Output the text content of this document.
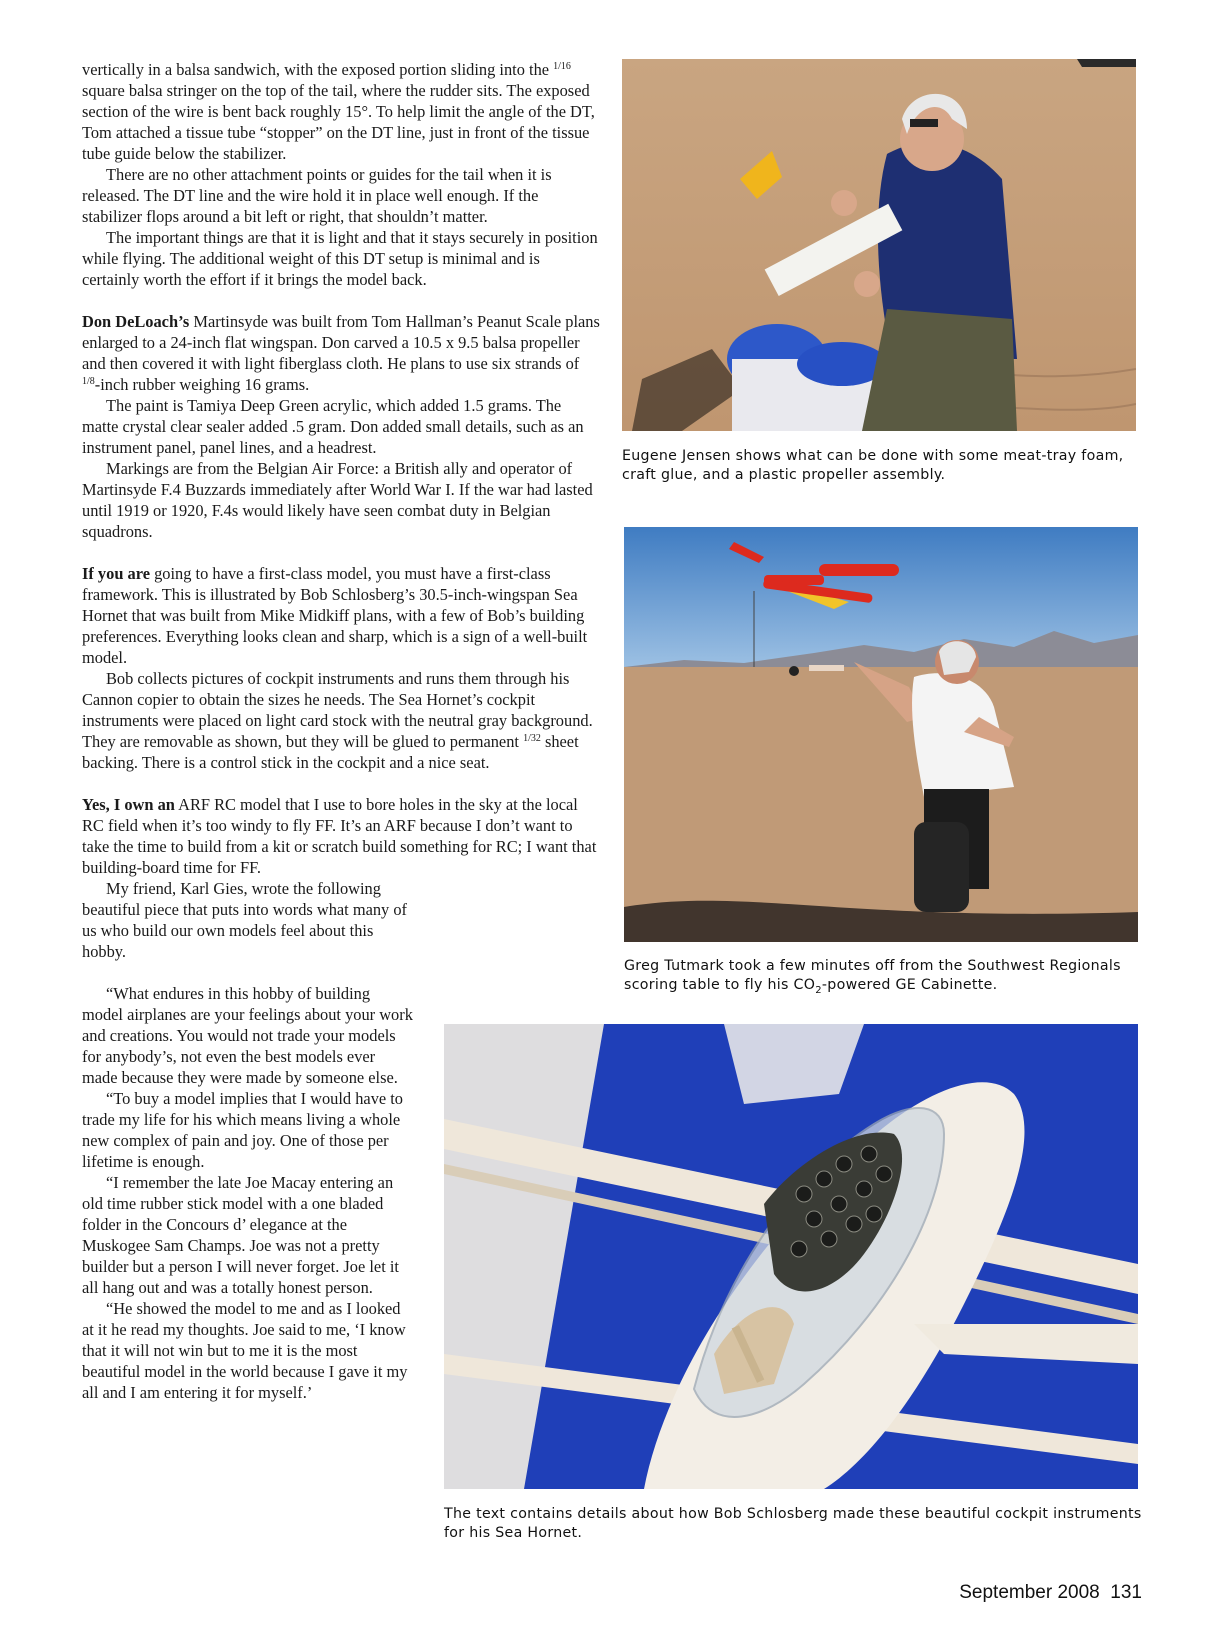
vertically in a balsa sandwich, with the exposed portion sliding into the $^{1/16}$ square balsa stringer on the top of the tail, where the rudder sits. The exposed section of the wire is bent back roughly 15°. To help limit the angle of the DT, Tom attached a tissue tube “stopper” on the DT line, just in front of the tissue tube guide below the stabilizer.

There are no other attachment points or guides for the tail when it is released. The DT line and the wire hold it in place well enough. If the stabilizer flops around a bit left or right, that shouldn’t matter.

The important things are that it is light and that it stays securely in position while flying. The additional weight of this DT setup is minimal and is certainly worth the effort if it brings the model back.

Don DeLoach’s Martinsyde was built from Tom Hallman’s Peanut Scale plans enlarged to a 24-inch flat wingspan. Don carved a 10.5 x 9.5 balsa propeller and then covered it with light fiberglass cloth. He plans to use six strands of $^{1/8}$-inch rubber weighing 16 grams.

The paint is Tamiya Deep Green acrylic, which added 1.5 grams. The matte crystal clear sealer added .5 gram. Don added small details, such as an instrument panel, panel lines, and a headrest.

Markings are from the Belgian Air Force: a British ally and operator of Martinsyde F.4 Buzzards immediately after World War I. If the war had lasted until 1919 or 1920, F.4s would likely have seen combat duty in Belgian squadrons.

If you are going to have a first-class model, you must have a first-class framework. This is illustrated by Bob Schlosberg’s 30.5-inch-wingspan Sea Hornet that was built from Mike Midkiff plans, with a few of Bob’s building preferences. Everything looks clean and sharp, which is a sign of a well-built model.

Bob collects pictures of cockpit instruments and runs them through his Cannon copier to obtain the sizes he needs. The Sea Hornet’s cockpit instruments were placed on light card stock with the neutral gray background. They are removable as shown, but they will be glued to permanent $^{1/32}$ sheet backing. There is a control stick in the cockpit and a nice seat.

Yes, I own an ARF RC model that I use to bore holes in the sky at the local RC field when it’s too windy to fly FF. It’s an ARF because I don’t want to take the time to build from a kit or scratch build something for RC; I want that building-board time for FF.

My friend, Karl Gies, wrote the following beautiful piece that puts into words what many of us who build our own models feel about this hobby.

“What endures in this hobby of building model airplanes are your feelings about your work and creations. You would not trade your models for anybody’s, not even the best models ever made because they were made by someone else.

“To buy a model implies that I would have to trade my life for his which means living a whole new complex of pain and joy. One of those per lifetime is enough.

“I remember the late Joe Macay entering an old time rubber stick model with a one bladed folder in the Concours d’ elegance at the Muskogee Sam Champs. Joe was not a pretty builder but a person I will never forget. Joe let it all hang out and was a totally honest person.

“He showed the model to me and as I looked at it he read my thoughts. Joe said to me, ‘I know that it will not win but to me it is the most beautiful model in the world because I gave it my all and I am entering it for myself.’

Eugene Jensen shows what can be done with some meat-tray foam, craft glue, and a plastic propeller assembly.
Greg Tutmark took a few minutes off from the Southwest Regionals scoring table to fly his $CO_2$-powered GE Cabinette.
The text contains details about how Bob Schlosberg made these beautiful cockpit instruments for his Sea Hornet.
September 2008  131
